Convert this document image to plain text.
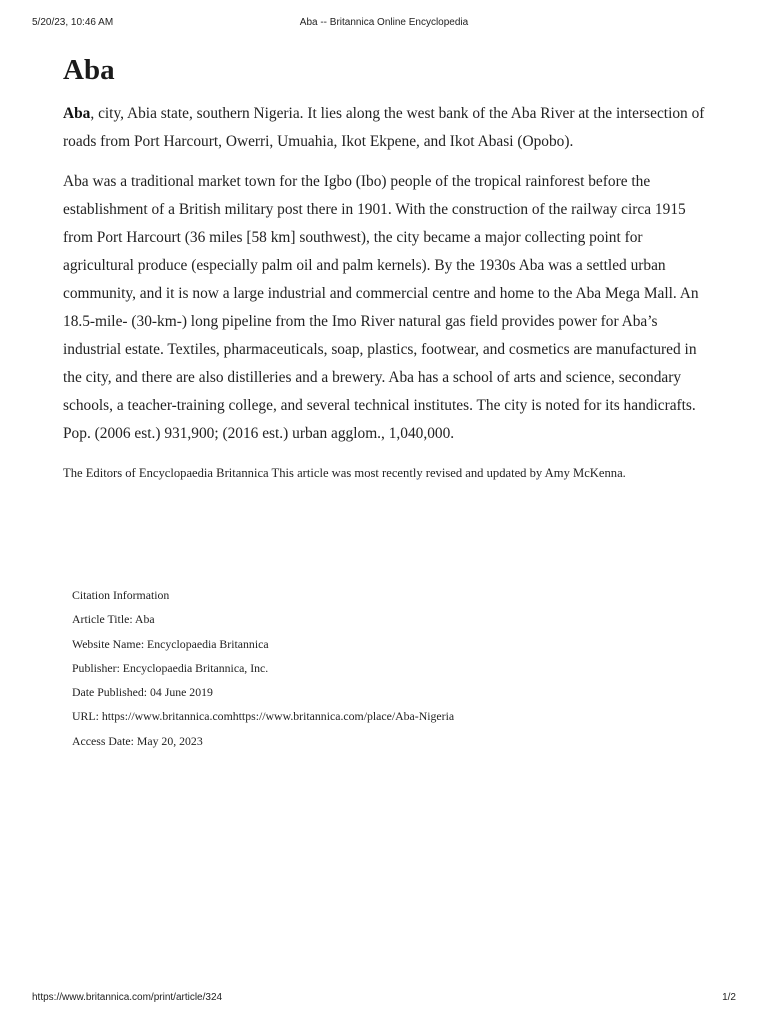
5/20/23, 10:46 AM	Aba -- Britannica Online Encyclopedia
Aba

Aba, city, Abia state, southern Nigeria. It lies along the west bank of the Aba River at the intersection of roads from Port Harcourt, Owerri, Umuahia, Ikot Ekpene, and Ikot Abasi (Opobo).

Aba was a traditional market town for the Igbo (Ibo) people of the tropical rainforest before the establishment of a British military post there in 1901. With the construction of the railway circa 1915 from Port Harcourt (36 miles [58 km] southwest), the city became a major collecting point for agricultural produce (especially palm oil and palm kernels). By the 1930s Aba was a settled urban community, and it is now a large industrial and commercial centre and home to the Aba Mega Mall. An 18.5-mile- (30-km-) long pipeline from the Imo River natural gas field provides power for Aba’s industrial estate. Textiles, pharmaceuticals, soap, plastics, footwear, and cosmetics are manufactured in the city, and there are also distilleries and a brewery. Aba has a school of arts and science, secondary schools, a teacher-training college, and several technical institutes. The city is noted for its handicrafts. Pop. (2006 est.) 931,900; (2016 est.) urban agglom., 1,040,000.

The Editors of Encyclopaedia Britannica This article was most recently revised and updated by Amy McKenna.

Citation Information
Article Title: Aba
Website Name: Encyclopaedia Britannica
Publisher: Encyclopaedia Britannica, Inc.
Date Published: 04 June 2019
URL: https://www.britannica.comhttps://www.britannica.com/place/Aba-Nigeria
Access Date: May 20, 2023
https://www.britannica.com/print/article/324	1/2
